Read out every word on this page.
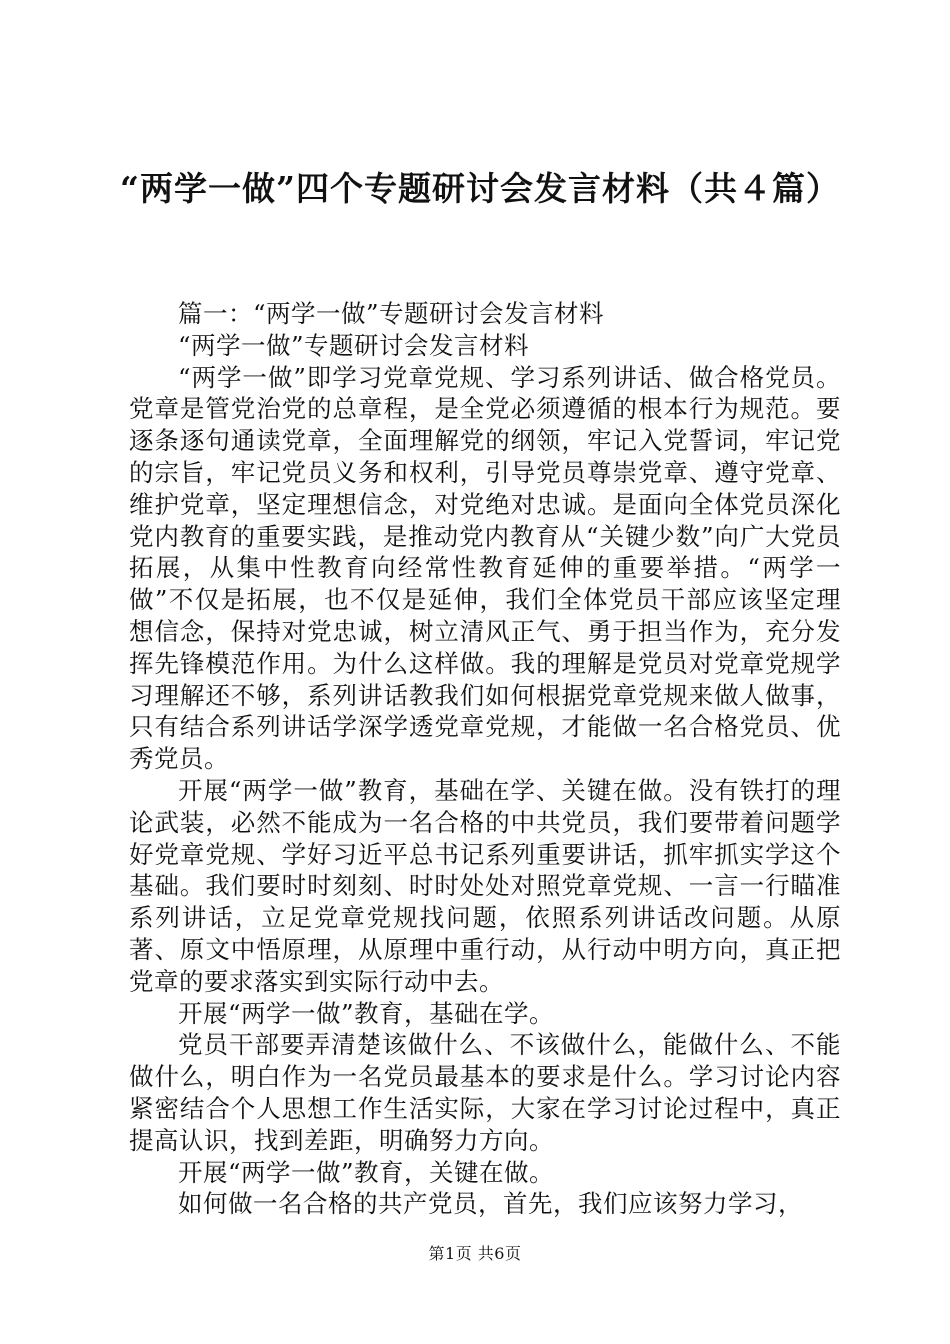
“两学一做”四个专题研讨会发言材料（共４篇）

篇一：“两学一做”专题研讨会发言材料

“两学一做”专题研讨会发言材料

“两学一做”即学习党章党规、学习系列讲话、做合格党员。党章是管党治党的总章程，是全党必须遵循的根本行为规范。要逐条逐句通读党章，全面理解党的纲领，牢记入党誓词，牢记党的宗旨，牢记党员义务和权利，引导党员尊崇党章、遵守党章、维护党章，坚定理想信念，对党绝对忠诚。是面向全体党员深化党内教育的重要实践，是推动党内教育从“关键少数”向广大党员拓展，从集中性教育向经常性教育延伸的重要举措。“两学一做”不仅是拓展，也不仅是延伸，我们全体党员干部应该坚定理想信念，保持对党忠诚，树立清风正气、勇于担当作为，充分发挥先锋模范作用。为什么这样做。我的理解是党员对党章党规学习理解还不够，系列讲话教我们如何根据党章党规来做人做事，只有结合系列讲话学深学透党章党规，才能做一名合格党员、优秀党员。

开展“两学一做”教育，基础在学、关键在做。没有铁打的理论武装，必然不能成为一名合格的中共党员，我们要带着问题学好党章党规、学好习近平总书记系列重要讲话，抓牢抓实学这个基础。我们要时时刻刻、时时处处对照党章党规、一言一行瞄准系列讲话，立足党章党规找问题，依照系列讲话改问题。从原著、原文中悟原理，从原理中重行动，从行动中明方向，真正把党章的要求落实到实际行动中去。

开展“两学一做”教育，基础在学。

党员干部要弄清楚该做什么、不该做什么，能做什么、不能做什么，明白作为一名党员最基本的要求是什么。学习讨论内容紧密结合个人思想工作生活实际，大家在学习讨论过程中，真正提高认识，找到差距，明确努力方向。

开展“两学一做”教育，关键在做。

如何做一名合格的共产党员，首先，我们应该努力学习，

第1页 共6页
